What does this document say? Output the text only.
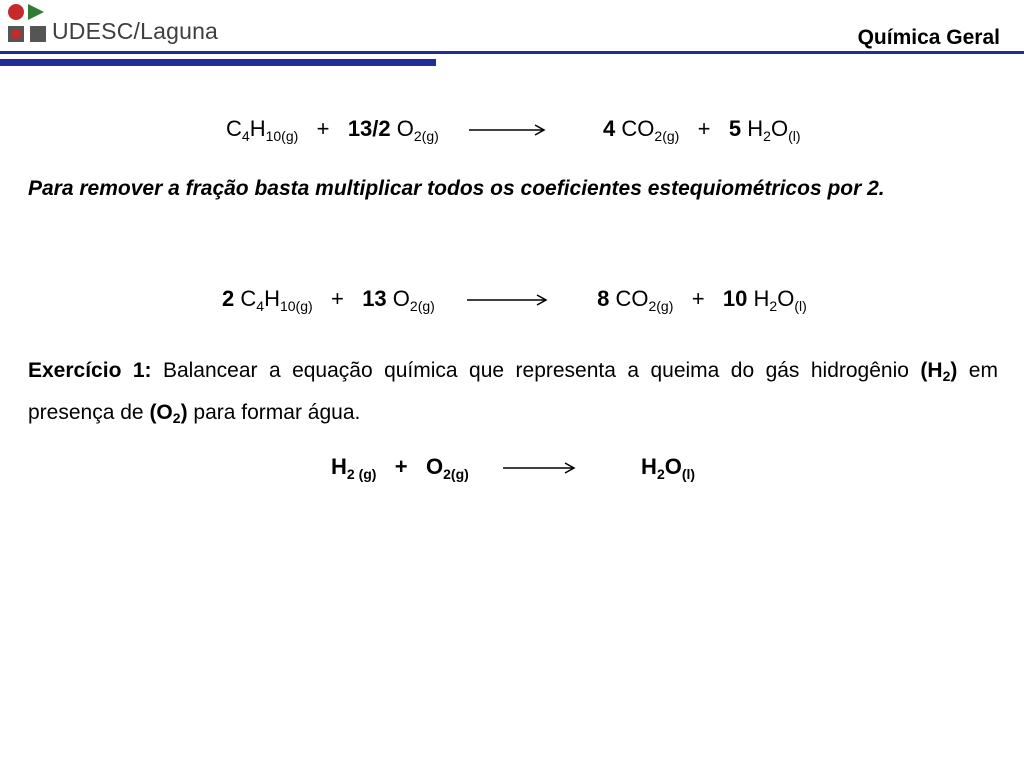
UDESC/Laguna	Química Geral
$C_4H_{10(g)} + 13/2$ $O_{2(g)}$	4 $CO_{2(g)} + 5$ $H_2O_{(l)}$

Para remover a fração basta multiplicar todos os coeficientes estequiométricos por 2.

2 $C_4H_{10(g)} + 13$ $O_{2(g)}$	8 $CO_{2(g)} + 10$ $H_2O_{(l)}$

Exercício 1: Balancear a equação química que representa a queima do gás hidrogênio $(H_2)$ em presença de $(O_2)$ para formar água.

$H_{2 (g)} + O_{2(g)}$	$H_2O_{(l)}$
